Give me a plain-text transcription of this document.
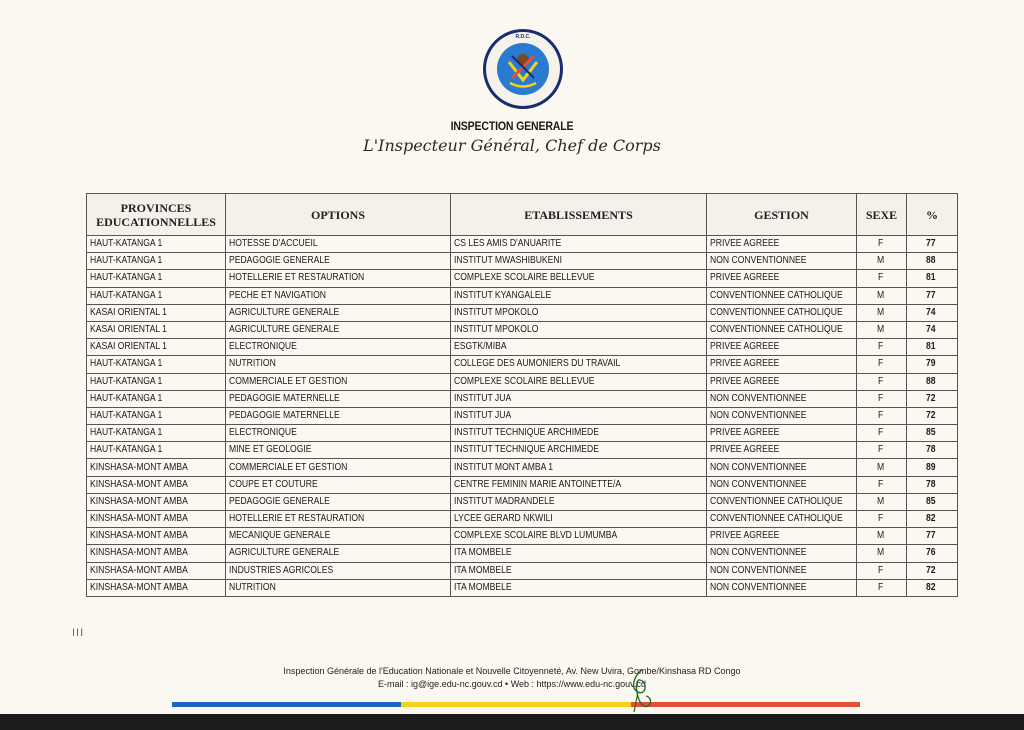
R.D.C.
INSPECTION GENERALE
L'Inspecteur Général, Chef de Corps
PROVINCES EDUCATIONNELLES	OPTIONS	ETABLISSEMENTS	GESTION	SEXE	%
HAUT-KATANGA 1	HOTESSE D'ACCUEIL	CS LES AMIS D'ANUARITE	PRIVEE AGREEE	F	77
HAUT-KATANGA 1	PEDAGOGIE GENERALE	INSTITUT MWASHIBUKENI	NON CONVENTIONNEE	M	88
HAUT-KATANGA 1	HOTELLERIE ET RESTAURATION	COMPLEXE SCOLAIRE BELLEVUE	PRIVEE AGREEE	F	81
HAUT-KATANGA 1	PECHE ET NAVIGATION	INSTITUT KYANGALELE	CONVENTIONNEE CATHOLIQUE	M	77
KASAI ORIENTAL 1	AGRICULTURE GENERALE	INSTITUT MPOKOLO	CONVENTIONNEE CATHOLIQUE	M	74
KASAI ORIENTAL 1	AGRICULTURE GENERALE	INSTITUT MPOKOLO	CONVENTIONNEE CATHOLIQUE	M	74
KASAI ORIENTAL 1	ELECTRONIQUE	ESGTK/MIBA	PRIVEE AGREEE	F	81
HAUT-KATANGA 1	NUTRITION	COLLEGE DES AUMONIERS DU TRAVAIL	PRIVEE AGREEE	F	79
HAUT-KATANGA 1	COMMERCIALE ET GESTION	COMPLEXE SCOLAIRE BELLEVUE	PRIVEE AGREEE	F	88
HAUT-KATANGA 1	PEDAGOGIE MATERNELLE	INSTITUT JUA	NON CONVENTIONNEE	F	72
HAUT-KATANGA 1	PEDAGOGIE MATERNELLE	INSTITUT JUA	NON CONVENTIONNEE	F	72
HAUT-KATANGA 1	ELECTRONIQUE	INSTITUT TECHNIQUE ARCHIMEDE	PRIVEE AGREEE	F	85
HAUT-KATANGA 1	MINE ET GEOLOGIE	INSTITUT TECHNIQUE ARCHIMEDE	PRIVEE AGREEE	F	78
KINSHASA-MONT AMBA	COMMERCIALE ET GESTION	INSTITUT MONT AMBA 1	NON CONVENTIONNEE	M	89
KINSHASA-MONT AMBA	COUPE ET COUTURE	CENTRE FEMININ MARIE ANTOINETTE/A	NON CONVENTIONNEE	F	78
KINSHASA-MONT AMBA	PEDAGOGIE GENERALE	INSTITUT MADRANDELE	CONVENTIONNEE CATHOLIQUE	M	85
KINSHASA-MONT AMBA	HOTELLERIE ET RESTAURATION	LYCEE GERARD NKWILI	CONVENTIONNEE CATHOLIQUE	F	82
KINSHASA-MONT AMBA	MECANIQUE GENERALE	COMPLEXE SCOLAIRE BLVD LUMUMBA	PRIVEE AGREEE	M	77
KINSHASA-MONT AMBA	AGRICULTURE GENERALE	ITA MOMBELE	NON CONVENTIONNEE	M	76
KINSHASA-MONT AMBA	INDUSTRIES AGRICOLES	ITA MOMBELE	NON CONVENTIONNEE	F	72
KINSHASA-MONT AMBA	NUTRITION	ITA MOMBELE	NON CONVENTIONNEE	F	82
III
Inspection Générale de l'Education Nationale et Nouvelle Citoyenneté, Av. New Uvira, Gombe/Kinshasa RD Congo
E-mail : ig@ige.edu-nc.gouv.cd • Web : https://www.edu-nc.gouv.cd
